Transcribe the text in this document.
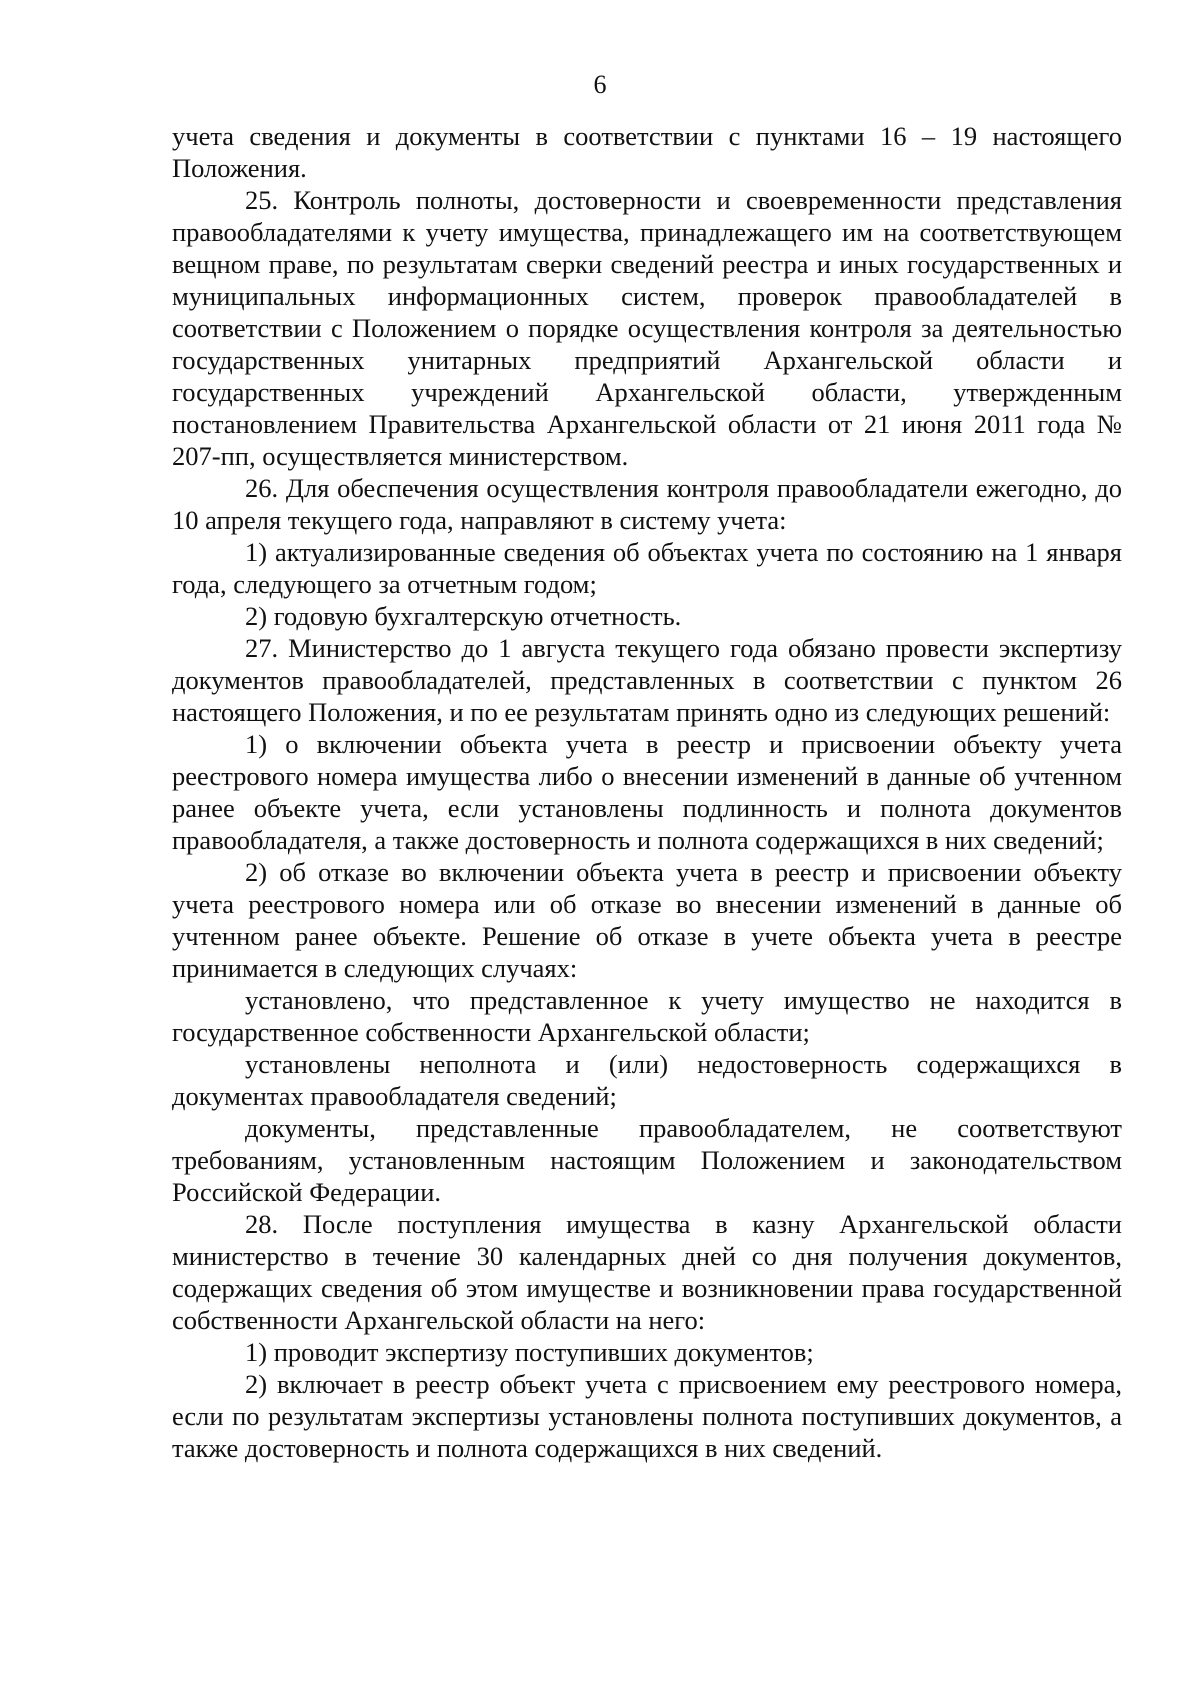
6

учета сведения и документы в соответствии с пунктами 16 – 19 настоящего Положения.

25. Контроль полноты, достоверности и своевременности представления правообладателями к учету имущества, принадлежащего им на соответствующем вещном праве, по результатам сверки сведений реестра и иных государственных и муниципальных информационных систем, проверок правообладателей в соответствии с Положением о порядке осуществления контроля за деятельностью государственных унитарных предприятий Архангельской области и государственных учреждений Архангельской области, утвержденным постановлением Правительства Архангельской области от 21 июня 2011 года № 207-пп, осуществляется министерством.

26. Для обеспечения осуществления контроля правообладатели ежегодно, до 10 апреля текущего года, направляют в систему учета:

1) актуализированные сведения об объектах учета по состоянию на 1 января года, следующего за отчетным годом;

2) годовую бухгалтерскую отчетность.

27. Министерство до 1 августа текущего года обязано провести экспертизу документов правообладателей, представленных в соответствии с пунктом 26 настоящего Положения, и по ее результатам принять одно из следующих решений:

1) о включении объекта учета в реестр и присвоении объекту учета реестрового номера имущества либо о внесении изменений в данные об учтенном ранее объекте учета, если установлены подлинность и полнота документов правообладателя, а также достоверность и полнота содержащихся в них сведений;

2) об отказе во включении объекта учета в реестр и присвоении объекту учета реестрового номера или об отказе во внесении изменений в данные об учтенном ранее объекте. Решение об отказе в учете объекта учета в реестре принимается в следующих случаях:

установлено, что представленное к учету имущество не находится в государственное собственности Архангельской области;

установлены неполнота и (или) недостоверность содержащихся в документах правообладателя сведений;

документы, представленные правообладателем, не соответствуют требованиям, установленным настоящим Положением и законодательством Российской Федерации.

28. После поступления имущества в казну Архангельской области министерство в течение 30 календарных дней со дня получения документов, содержащих сведения об этом имуществе и возникновении права государственной собственности Архангельской области на него:

1) проводит экспертизу поступивших документов;

2) включает в реестр объект учета с присвоением ему реестрового номера, если по результатам экспертизы установлены полнота поступивших документов, а также достоверность и полнота содержащихся в них сведений.
